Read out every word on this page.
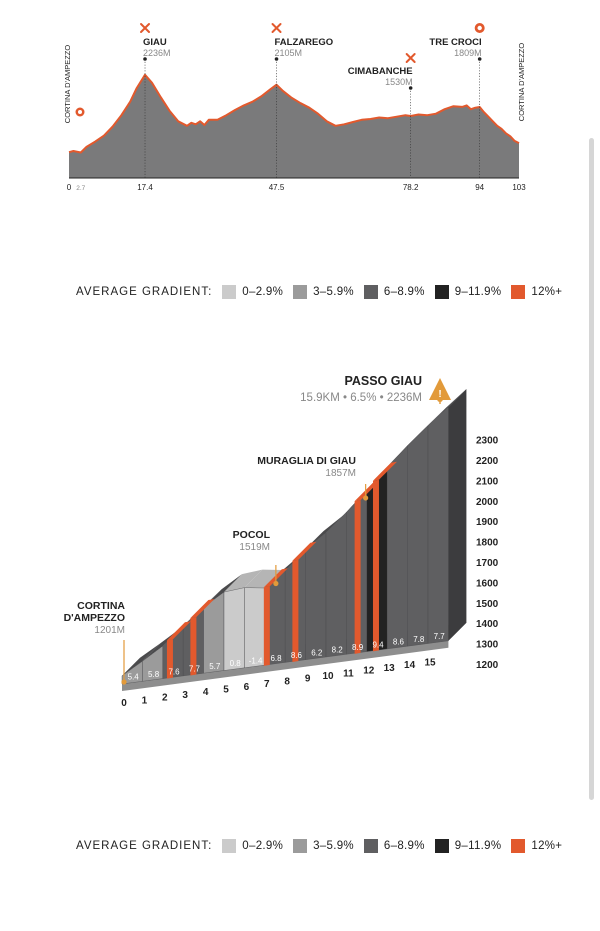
0 2.7	17.4	47.5	78.2	94	103
CORTINA D'AMPEZZO	CORTINA D'AMPEZZO
GIAU
2236M
FALZAREGO
2105M
CIMABANCHE
1530M
TRE CROCI
1809M
5.4 5.8 7.6 7.7 5.7 0.8 -1.4 6.8 8.6 6.2 8.2 8.9 9.4 8.6 7.8 7.7
0 1 2 3 4 5 6 7 8 9 10 11 12 13 14 15	1200
1300
1400
1500
1600
1700
1800
1900
2000
2100
2200
2300
!
PASSO GIAU
15.9KM • 6.5% • 2236M
CORTINA
D'AMPEZZO
1201M
POCOL
1519M
MURAGLIA DI GIAU
1857M
AVERAGE GRADIENT:	0–2.9%	3–5.9%	6–8.9%	9–11.9%	12%+
AVERAGE GRADIENT:	0–2.9%	3–5.9%	6–8.9%	9–11.9%	12%+
